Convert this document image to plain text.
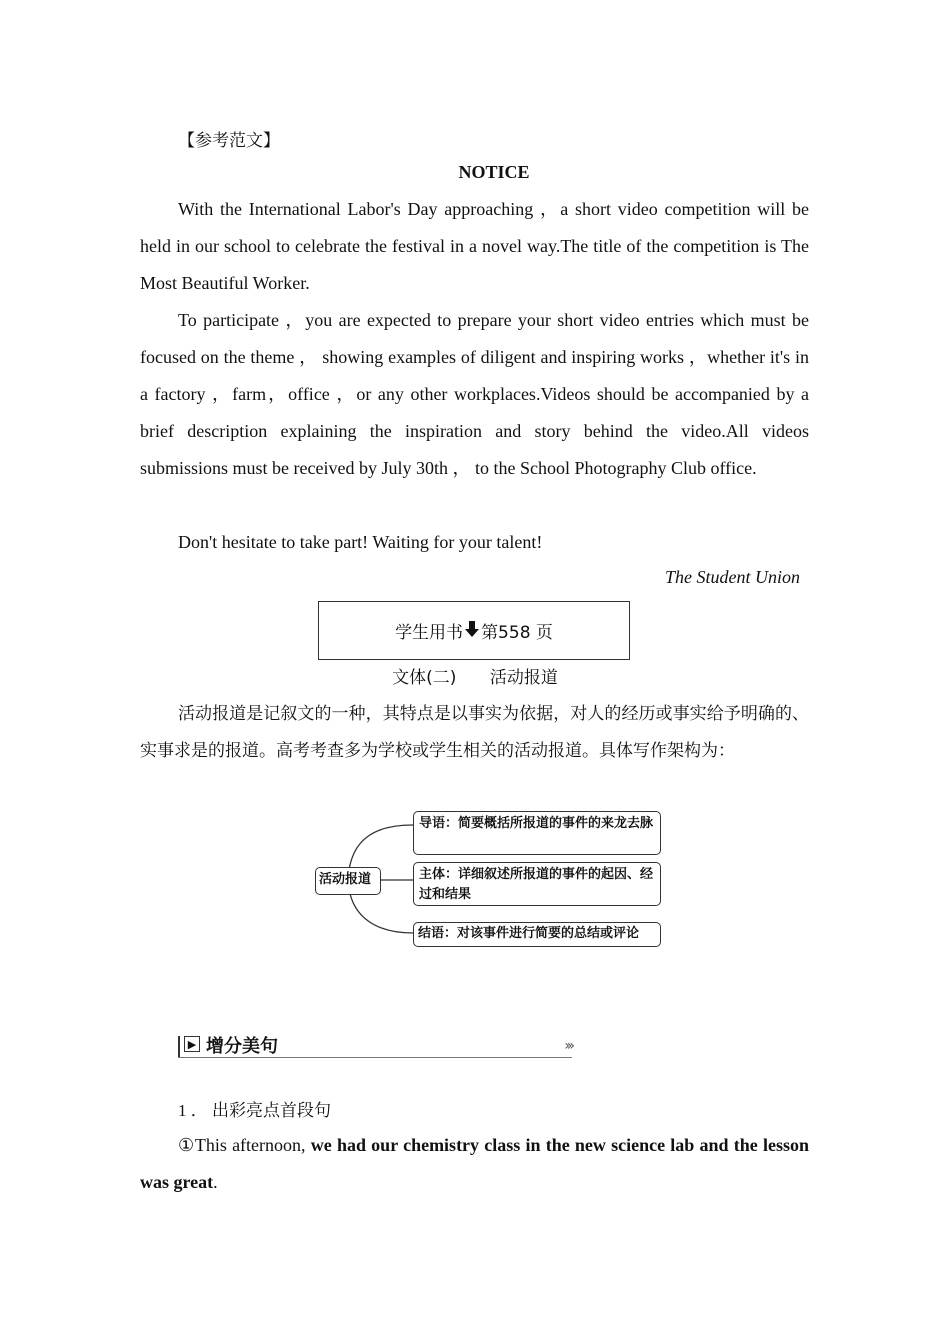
【参考范文】
NOTICE

With the International Labor's Day approaching ，a short video competition will be held in our school to celebrate the festival in a novel way.The title of the competition is The Most Beautiful Worker.

To participate ，you are expected to prepare your short video entries which must be focused on the theme ， showing examples of diligent and inspiring works ，whether it's in a factory ，farm，office ，or any other workplaces.Videos should be accompanied by a brief description explaining the inspiration and story behind the video.All videos submissions must be received by July 30th ， to the School Photography Club office.

Don't hesitate to take part! Waiting for your talent!

The Student Union
学生用书 第558 页
文体(二) 活动报道

活动报道是记叙文的一种，其特点是以事实为依据，对人的经历或事实给予明确的、实事求是的报道。高考考查多为学校或学生相关的活动报道。具体写作架构为：

活动报道
导语：简要概括所报道的事件的来龙去脉
主体：详细叙述所报道的事件的起因、经过和结果
结语：对该事件进行简要的总结或评论
▶ 增分美句	›››
1 ． 出彩亮点首段句

①This afternoon, we had our chemistry class in the new science lab and the lesson was great.
